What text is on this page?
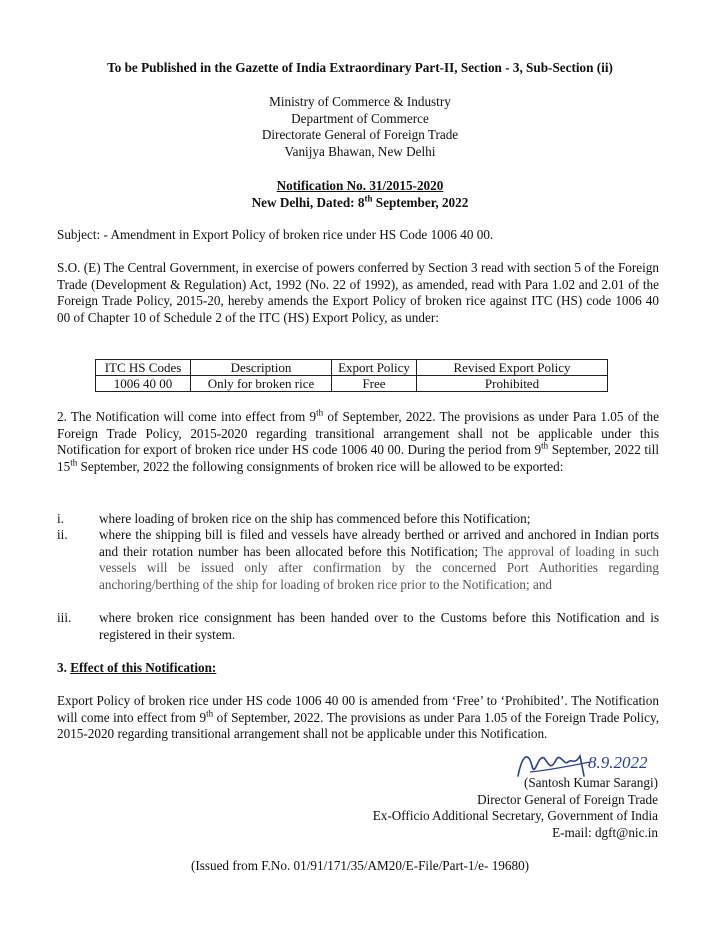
To be Published in the Gazette of India Extraordinary Part-II, Section - 3, Sub-Section (ii)
Ministry of Commerce & Industry
Department of Commerce
Directorate General of Foreign Trade
Vanijya Bhawan, New Delhi
Notification No. 31/2015-2020
New Delhi, Dated: 8th September, 2022
Subject: - Amendment in Export Policy of broken rice under HS Code 1006 40 00.
S.O. (E) The Central Government, in exercise of powers conferred by Section 3 read with section 5 of the Foreign Trade (Development & Regulation) Act, 1992 (No. 22 of 1992), as amended, read with Para 1.02 and 2.01 of the Foreign Trade Policy, 2015-20, hereby amends the Export Policy of broken rice against ITC (HS) code 1006 40 00 of Chapter 10 of Schedule 2 of the ITC (HS) Export Policy, as under:
ITC HS Codes	Description	Export Policy	Revised Export Policy
1006 40 00	Only for broken rice	Free	Prohibited
2. The Notification will come into effect from 9th of September, 2022. The provisions as under Para 1.05 of the Foreign Trade Policy, 2015-2020 regarding transitional arrangement shall not be applicable under this Notification for export of broken rice under HS code 1006 40 00. During the period from 9th September, 2022 till 15th September, 2022 the following consignments of broken rice will be allowed to be exported:
i.	where loading of broken rice on the ship has commenced before this Notification;
ii.	where the shipping bill is filed and vessels have already berthed or arrived and anchored in Indian ports and their rotation number has been allocated before this Notification; The approval of loading in such vessels will be issued only after confirmation by the concerned Port Authorities regarding anchoring/berthing of the ship for loading of broken rice prior to the Notification; and
iii.	where broken rice consignment has been handed over to the Customs before this Notification and is registered in their system.
3. Effect of this Notification:
Export Policy of broken rice under HS code 1006 40 00 is amended from ‘Free’ to ‘Prohibited’. The Notification will come into effect from 9th of September, 2022. The provisions as under Para 1.05 of the Foreign Trade Policy, 2015-2020 regarding transitional arrangement shall not be applicable under this Notification.
8.9.2022
(Santosh Kumar Sarangi)
Director General of Foreign Trade
Ex-Officio Additional Secretary, Government of India
E-mail: dgft@nic.in
(Issued from F.No. 01/91/171/35/AM20/E-File/Part-1/e- 19680)
